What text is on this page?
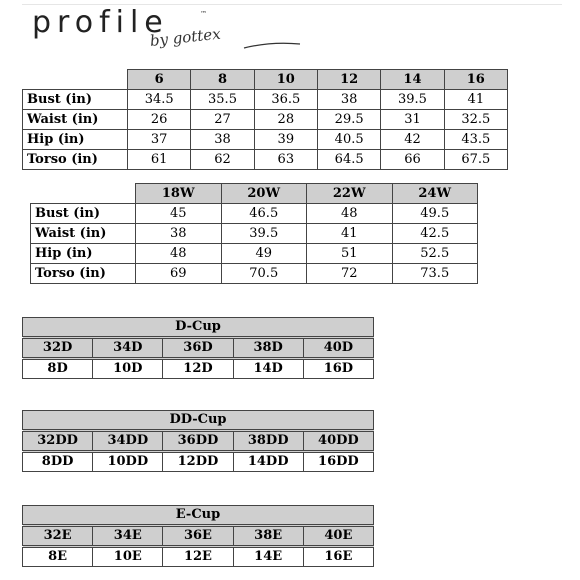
profile	™
by gottex
	6	8	10	12	14	16
Bust (in)	34.5	35.5	36.5	38	39.5	41
Waist (in)	26	27	28	29.5	31	32.5
Hip (in)	37	38	39	40.5	42	43.5
Torso (in)	61	62	63	64.5	66	67.5
	18W	20W	22W	24W
Bust (in)	45	46.5	48	49.5
Waist (in)	38	39.5	41	42.5
Hip (in)	48	49	51	52.5
Torso (in)	69	70.5	72	73.5
D-Cup				
32D	34D	36D	38D	40D
8D	10D	12D	14D	16D
DD-Cup				
32DD	34DD	36DD	38DD	40DD
8DD	10DD	12DD	14DD	16DD
E-Cup				
32E	34E	36E	38E	40E
8E	10E	12E	14E	16E
